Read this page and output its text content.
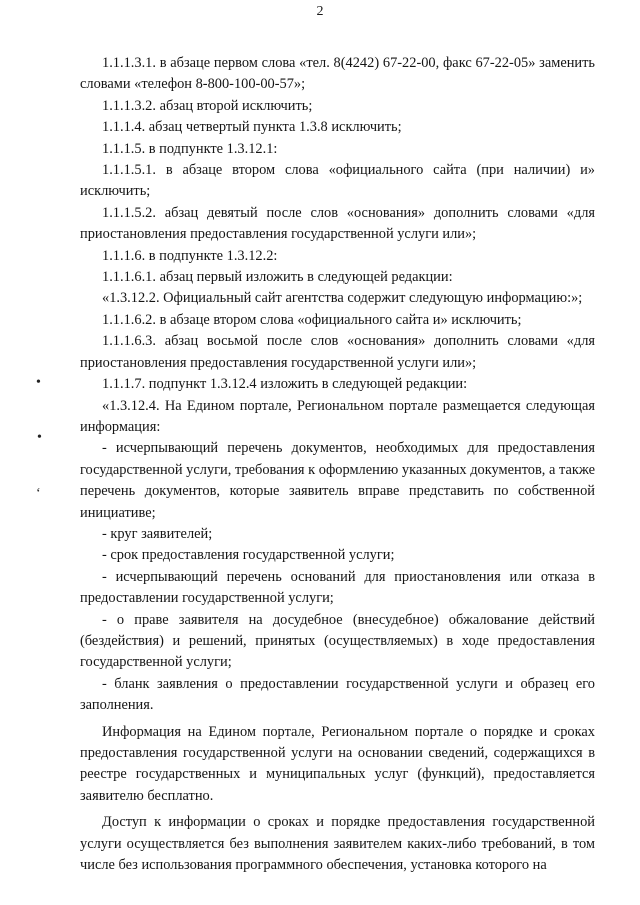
2
•
•
ʻ

1.1.1.3.1. в абзаце первом слова «тел. 8(4242) 67-22-00, факс 67-22-05» заменить словами «телефон 8-800-100-00-57»;

1.1.1.3.2. абзац второй исключить;

1.1.1.4. абзац четвертый пункта 1.3.8 исключить;

1.1.1.5. в подпункте 1.3.12.1:

1.1.1.5.1. в абзаце втором слова «официального сайта (при наличии) и» исключить;

1.1.1.5.2. абзац девятый после слов «основания» дополнить словами «для приостановления предоставления государственной услуги или»;

1.1.1.6. в подпункте 1.3.12.2:

1.1.1.6.1. абзац первый изложить в следующей редакции:

«1.3.12.2. Официальный сайт агентства содержит следующую информацию:»;

1.1.1.6.2. в абзаце втором слова «официального сайта и» исключить;

1.1.1.6.3. абзац восьмой после слов «основания» дополнить словами «для приостановления предоставления государственной услуги или»;

1.1.1.7. подпункт 1.3.12.4 изложить в следующей редакции:

«1.3.12.4. На Едином портале, Региональном портале размещается следующая информация:

- исчерпывающий перечень документов, необходимых для предоставления государственной услуги, требования к оформлению указанных документов, а также перечень документов, которые заявитель вправе представить по собственной инициативе;

- круг заявителей;

- срок предоставления государственной услуги;

- исчерпывающий перечень оснований для приостановления или отказа в предоставлении государственной услуги;

- о праве заявителя на досудебное (внесудебное) обжалование действий (бездействия) и решений, принятых (осуществляемых) в ходе предоставления государственной услуги;

- бланк заявления о предоставлении государственной услуги и образец его заполнения.

Информация на Едином портале, Региональном портале о порядке и сроках предоставления государственной услуги на основании сведений, содержащихся в реестре государственных и муниципальных услуг (функций), предоставляется заявителю бесплатно.

Доступ к информации о сроках и порядке предоставления государственной услуги осуществляется без выполнения заявителем каких-либо требований, в том числе без использования программного обеспечения, установка которого на
